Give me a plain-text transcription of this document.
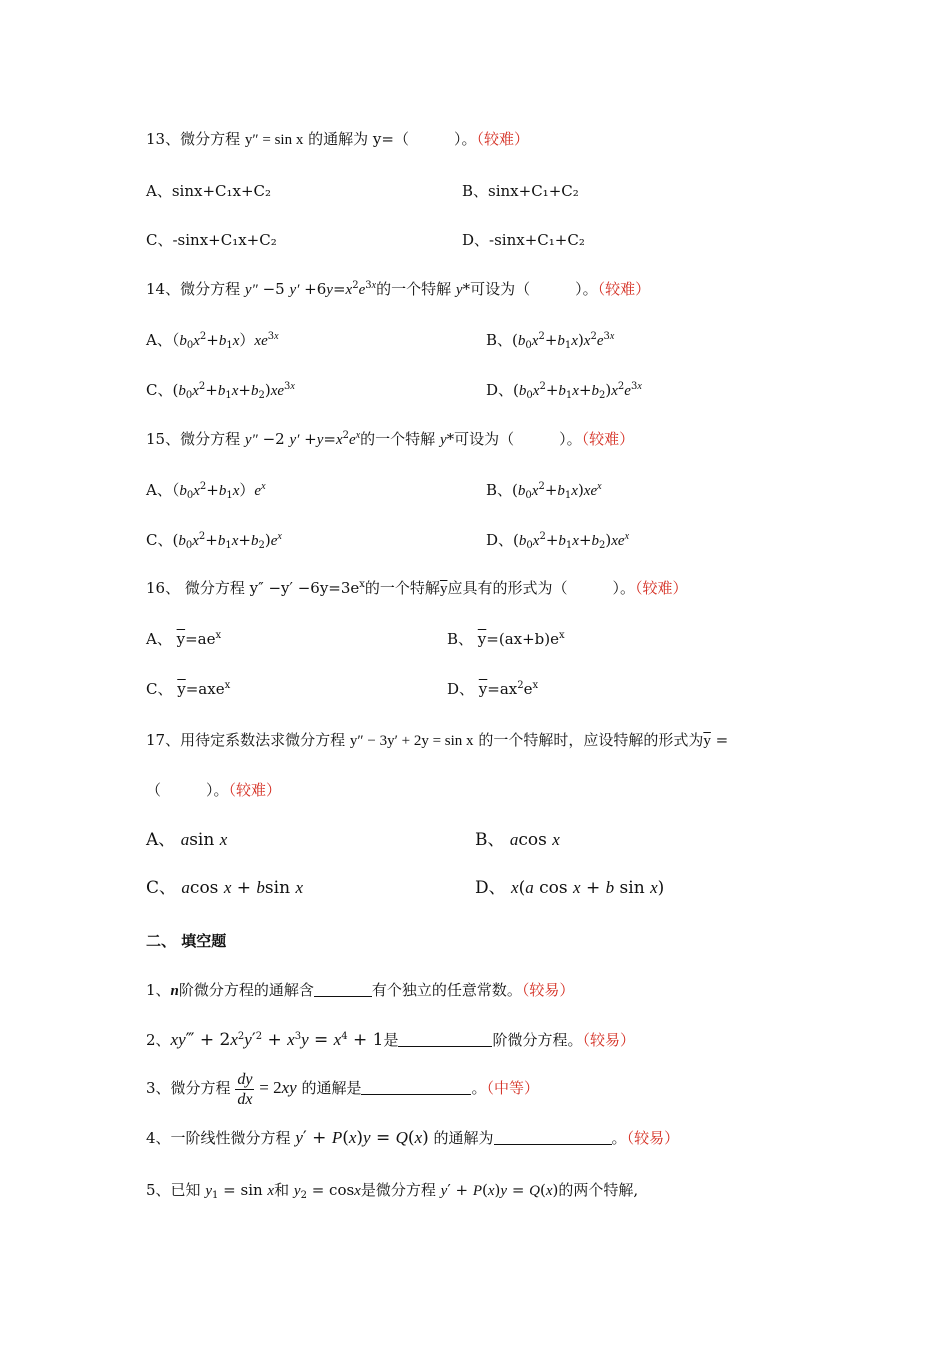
13、微分方程 y″ = sin x 的通解为 y=（　　　）。（较难）
A、sinx+C₁x+C₂	B、sinx+C₁+C₂
C、-sinx+C₁x+C₂	D、-sinx+C₁+C₂
14、微分方程 y″ −5 $y' +6y=x^2e^{3x}$的一个特解 y*可设为（　　　）。（较难）
A、$(b_0x^2+b_1x)xe^{3x}$	B、$(b_0x^2+b_1x)x^2e^{3x}$
C、$(b_0x^2+b_1x+b_2)xe^{3x}$	D、$(b_0x^2+b_1x+b_2)x^2e^{3x}$
15、微分方程 y″ −2 $y' +y=x^2e^x$的一个特解 y*可设为（　　　）。（较难）
A、$(b_0x^2+b_1x)e^x$	B、$(b_0x^2+b_1x)xe^x$
C、$(b_0x^2+b_1x+b_2)e^x$	D、$(b_0x^2+b_1x+b_2)xe^x$
16、 微分方程 $y'' -y' -6y=3e^x$的一个特解$\overline{y}$应具有的形式为（　　　）。（较难）
A、 $\overline{y}=ae^x$	B、 $\overline{y}=(ax+b)e^x$
C、 $\overline{y}=axe^x$	D、 $\overline{y}=ax^2e^x$
17、用待定系数法求微分方程 y″ − 3y′ + 2y = sin x 的一个特解时，应设特解的形式为$\overline{y}$ =
（　　　）。（较难）
A、 asin x	B、 acos x
C、 acos x + bsin x	D、 x(a cos x + b sin x)
二、 填空题
1、n阶微分方程的通解含	有个独立的任意常数。（较易）
2、xy‴ + $2x^2y'^2 + x^3y = x^4 + 1$是	阶微分方程。（较易）
3、微分方程 $\frac{dy}{dx} = 2xy$ 的通解是	。（中等）
4、一阶线性微分方程 y′ + P(x)y = Q(x) 的通解为	。（较易）
5、已知 $y_1 = \sin x$和 $y_2 = \cos x$是微分方程 y′ + P(x)y = Q(x)的两个特解,
